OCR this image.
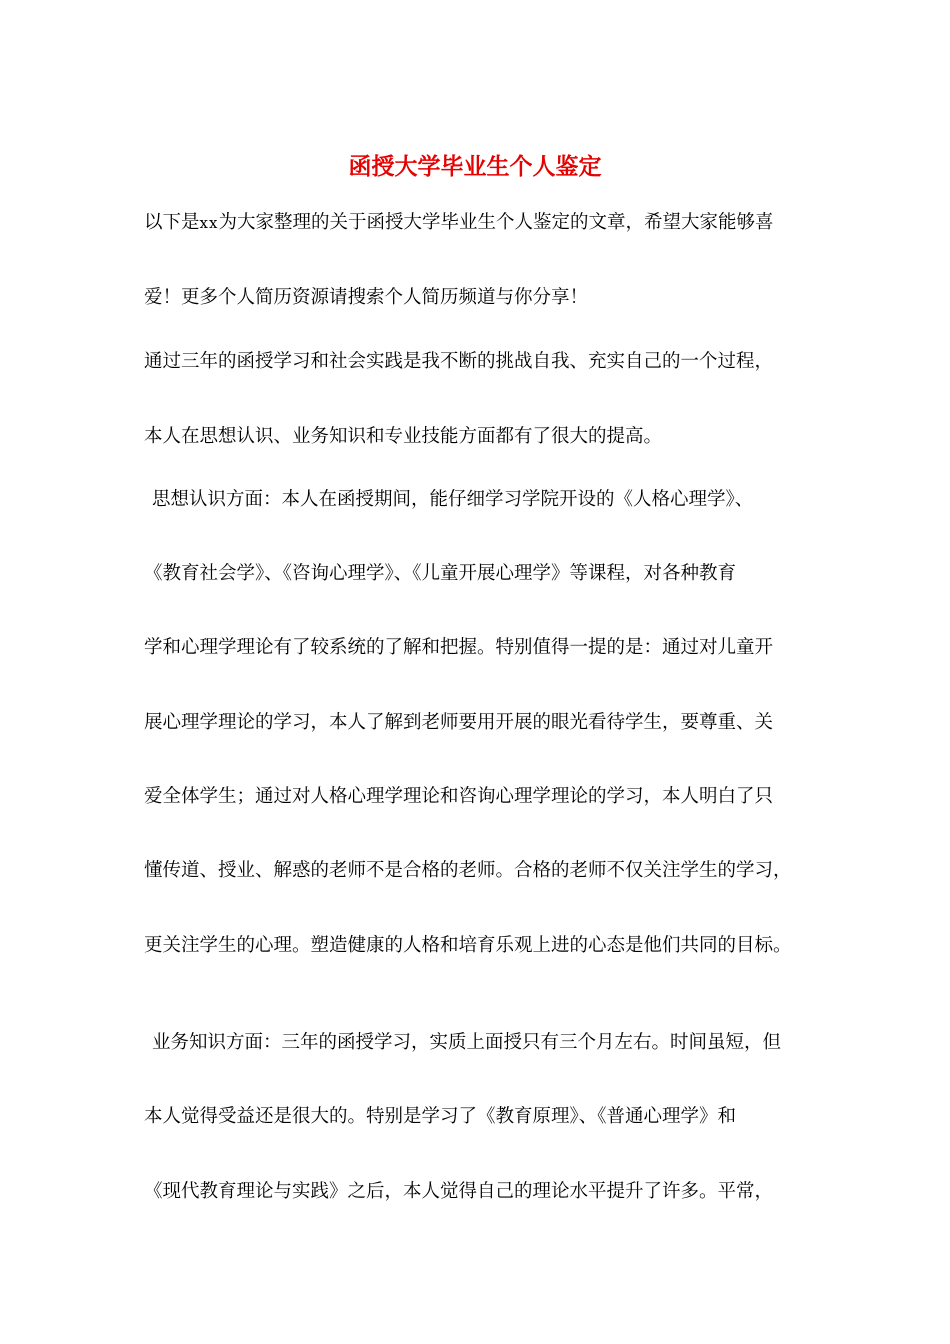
函授大学毕业生个人鉴定
以下是xx为大家整理的关于函授大学毕业生个人鉴定的文章，希望大家能够喜
爱！更多个人简历资源请搜索个人简历频道与你分享！
通过三年的函授学习和社会实践是我不断的挑战自我、充实自己的一个过程，
本人在思想认识、业务知识和专业技能方面都有了很大的提高。
思想认识方面：本人在函授期间，能仔细学习学院开设的《人格心理学》、
《教育社会学》、《咨询心理学》、《儿童开展心理学》等课程，对各种教育
学和心理学理论有了较系统的了解和把握。特别值得一提的是：通过对儿童开
展心理学理论的学习，本人了解到老师要用开展的眼光看待学生，要尊重、关
爱全体学生；通过对人格心理学理论和咨询心理学理论的学习，本人明白了只
懂传道、授业、解惑的老师不是合格的老师。合格的老师不仅关注学生的学习，
更关注学生的心理。塑造健康的人格和培育乐观上进的心态是他们共同的目标。
业务知识方面：三年的函授学习，实质上面授只有三个月左右。时间虽短，但
本人觉得受益还是很大的。特别是学习了《教育原理》、《普通心理学》和
《现代教育理论与实践》之后，本人觉得自己的理论水平提升了许多。平常，
